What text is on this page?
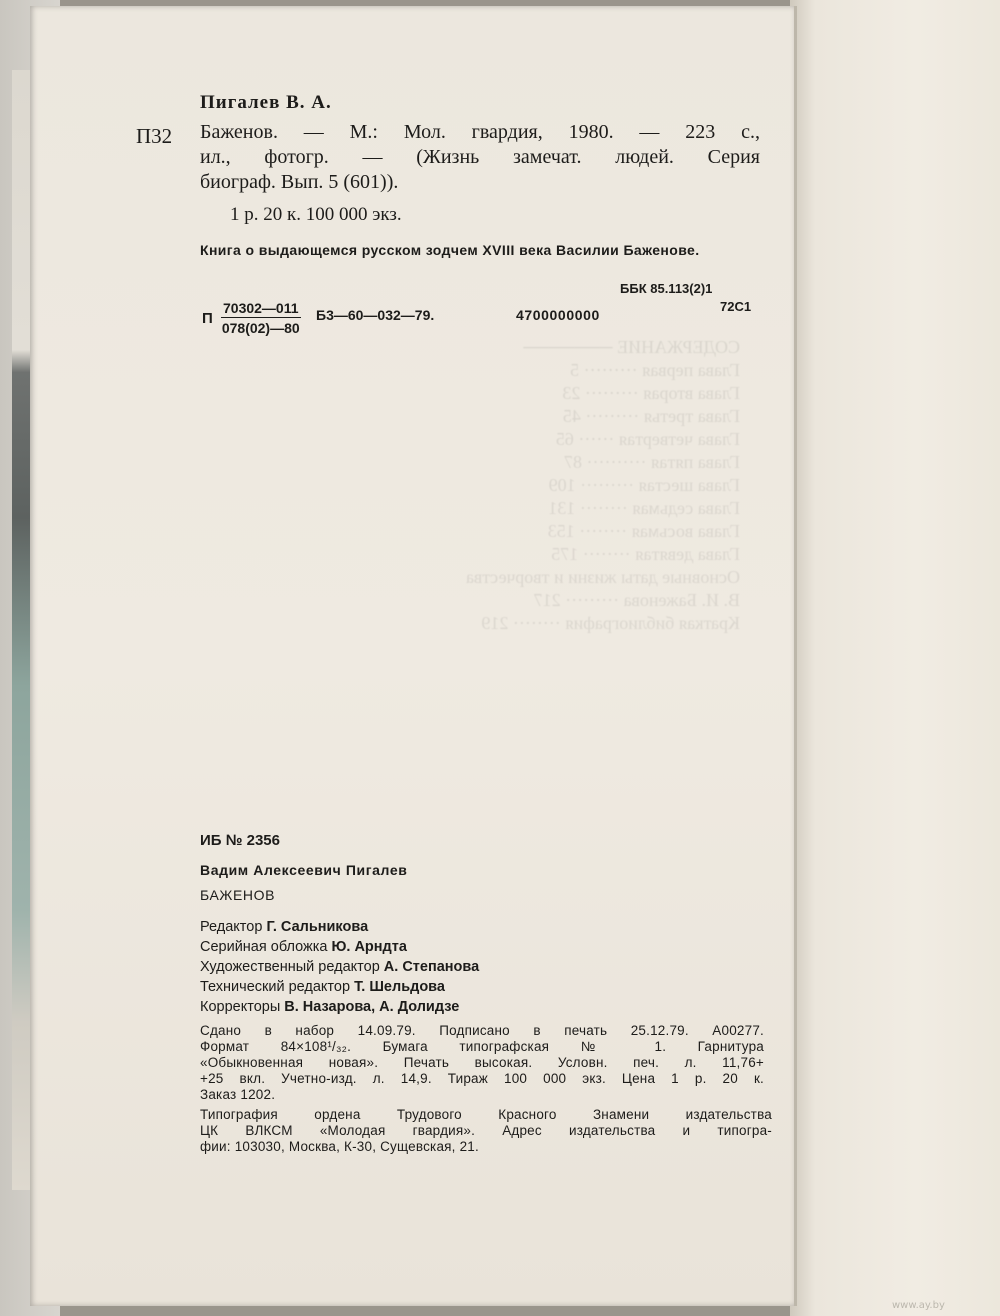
СОДЕРЖАНИЕ ───────
Глава первая ········· 5
Глава вторая ········· 23
Глава третья ········· 45
Глава четвертая ······ 65
Глава пятая ·········· 87
Глава шестая ········· 109
Глава седьмая ········ 131
Глава восьмая ········ 153
Глава девятая ········ 175
Основные даты жизни и творчества
В. И. Баженова ········· 217
Краткая библиография ········ 219
Пигалев В. А.
П32 Баженов. — М.: Мол. гвардия, 1980. — 223 с.,
ил., фотогр. — (Жизнь замечат. людей. Серия
биограф. Вып. 5 (601)).
1 р. 20 к. 100 000 экз.
Книга о выдающемся русском зодчем XVIII века Василии Баженове.
ББК 85.113(2)1
72С1
П $\frac{70302—011}{078(02)—80}$ Б3—60—032—79.	4700000000
ИБ № 2356
Вадим Алексеевич Пигалев
БАЖЕНОВ
Редактор Г. Сальникова
Серийная обложка Ю. Арндта
Художественный редактор А. Степанова
Технический редактор Т. Шельдова
Корректоры В. Назарова, А. Долидзе
Сдано в набор 14.09.79. Подписано в печать 25.12.79. А00277.
Формат 84×108¹/₃₂. Бумага типографская № 1. Гарнитура
«Обыкновенная новая». Печать высокая. Условн. печ. л. 11,76+
+25 вкл. Учетно-изд. л. 14,9. Тираж 100 000 экз. Цена 1 р. 20 к.
Заказ 1202.
Типография ордена Трудового Красного Знамени издательства
ЦК ВЛКСМ «Молодая гвардия». Адрес издательства и типогра-
фии: 103030, Москва, К-30, Сущевская, 21.
www.ay.by
